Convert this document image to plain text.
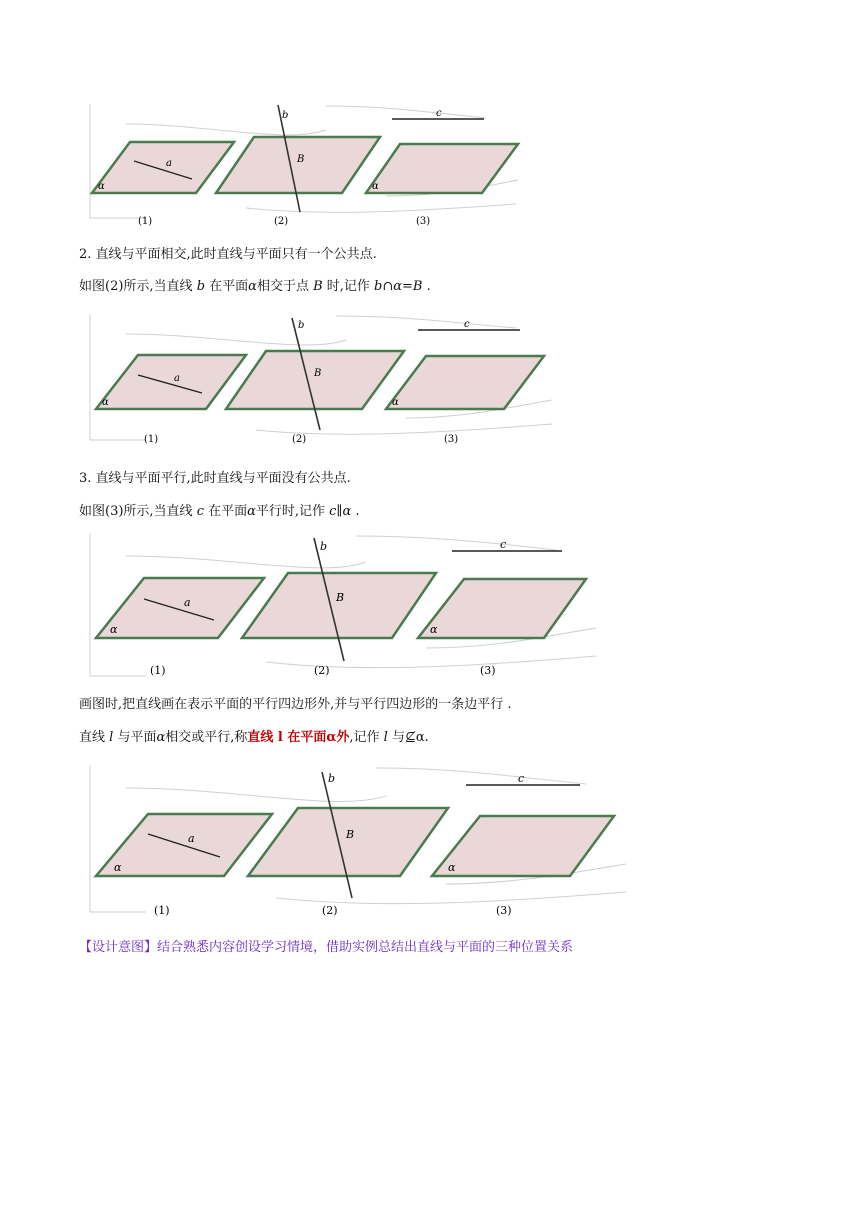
a
α
b
B
α
c
(1)	(2)	(3)
2. 直线与平面相交,此时直线与平面只有一个公共点.
如图(2)所示,当直线 b 在平面α相交于点 B 时,记作 b∩α=B .
a
α
b
B
α
c
(1)	(2)	(3)
3. 直线与平面平行,此时直线与平面没有公共点.
如图(3)所示,当直线 c 在平面α平行时,记作 c∥α .
a
α
b
B
α
c
(1)	(2)	(3)
画图时,把直线画在表示平面的平行四边形外,并与平行四边形的一条边平行 .
直线 l 与平面α相交或平行,称直线 l 在平面α外,记作 l 与⊈α.
a
α
b
B
α
c
(1)	(2)	(3)
【设计意图】结合熟悉内容创设学习情境，借助实例总结出直线与平面的三种位置关系
